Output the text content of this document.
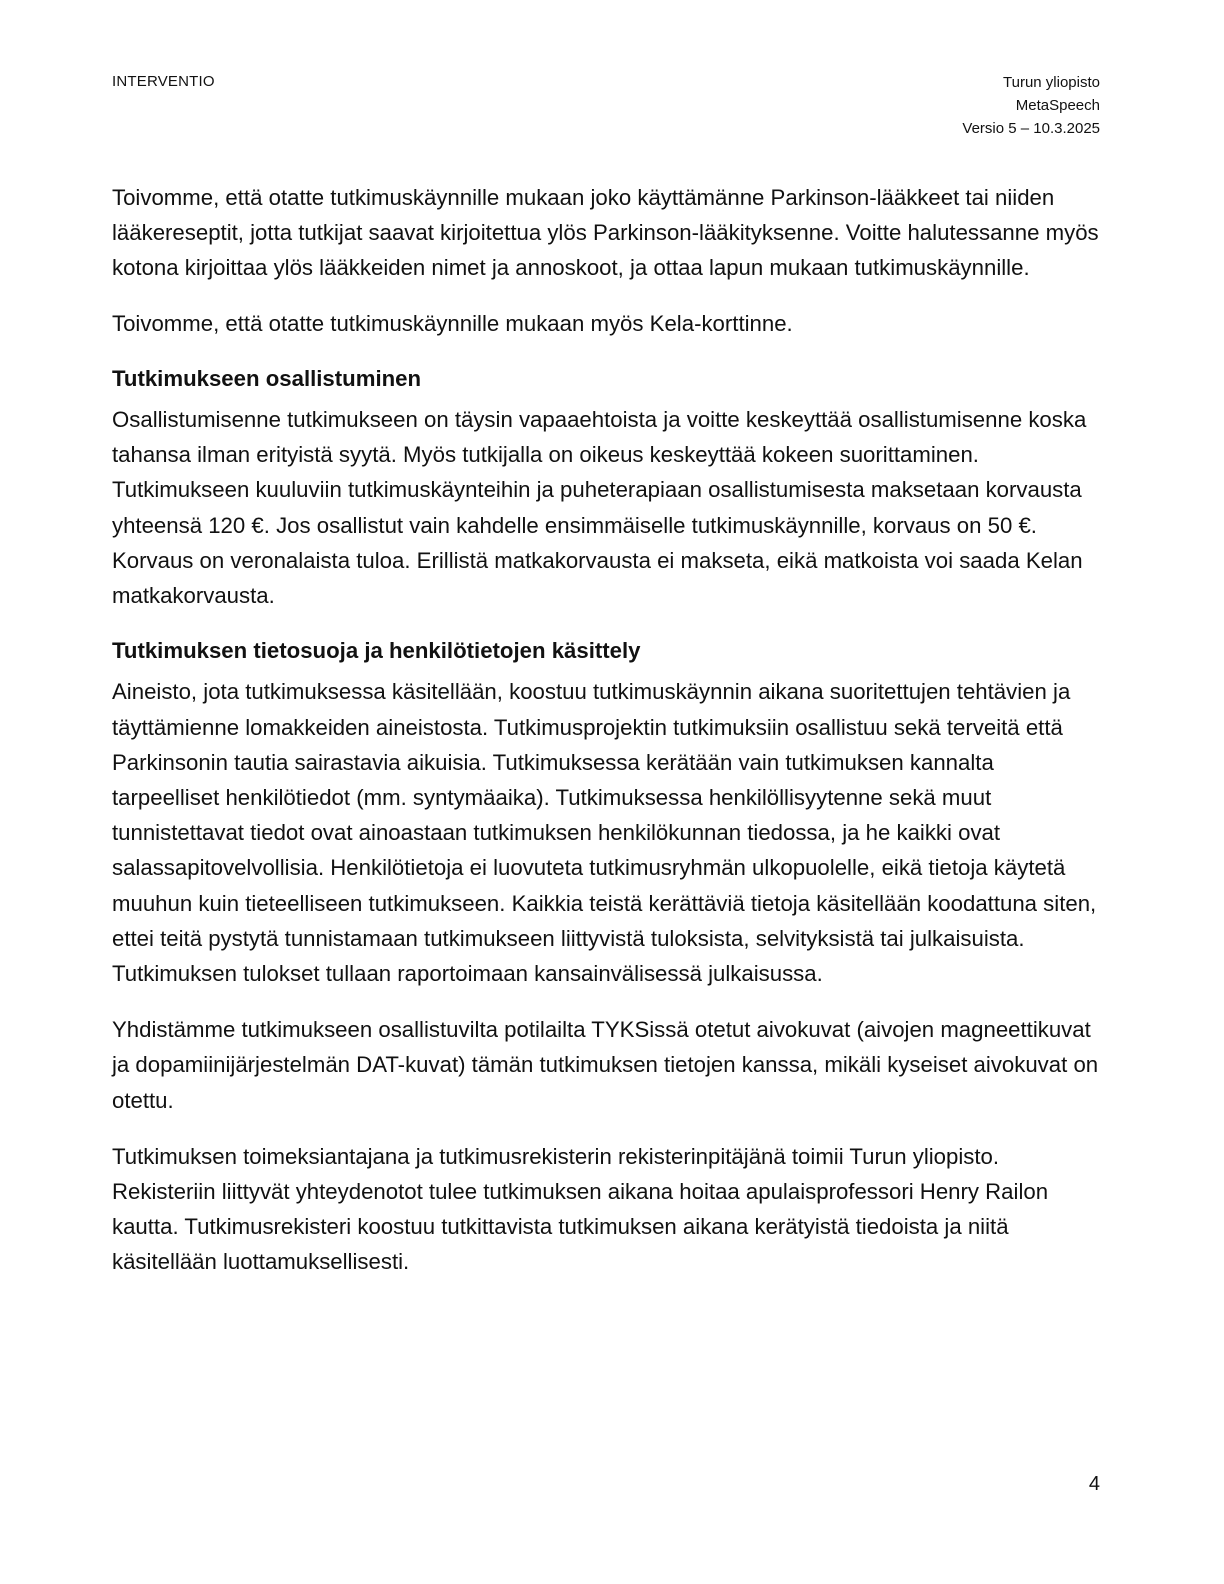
INTERVENTIO	Turun yliopisto
MetaSpeech
Versio 5 – 10.3.2025

Toivomme, että otatte tutkimuskäynnille mukaan joko käyttämänne Parkinson-lääkkeet tai niiden lääkereseptit, jotta tutkijat saavat kirjoitettua ylös Parkinson-lääkityksenne. Voitte halutessanne myös kotona kirjoittaa ylös lääkkeiden nimet ja annoskoot, ja ottaa lapun mukaan tutkimuskäynnille.

Toivomme, että otatte tutkimuskäynnille mukaan myös Kela-korttinne.

Tutkimukseen osallistuminen

Osallistumisenne tutkimukseen on täysin vapaaehtoista ja voitte keskeyttää osallistumisenne koska tahansa ilman erityistä syytä. Myös tutkijalla on oikeus keskeyttää kokeen suorittaminen. Tutkimukseen kuuluviin tutkimuskäynteihin ja puheterapiaan osallistumisesta maksetaan korvausta yhteensä 120 €. Jos osallistut vain kahdelle ensimmäiselle tutkimuskäynnille, korvaus on 50 €. Korvaus on veronalaista tuloa. Erillistä matkakorvausta ei makseta, eikä matkoista voi saada Kelan matkakorvausta.

Tutkimuksen tietosuoja ja henkilötietojen käsittely

Aineisto, jota tutkimuksessa käsitellään, koostuu tutkimuskäynnin aikana suoritettujen tehtävien ja täyttämienne lomakkeiden aineistosta. Tutkimusprojektin tutkimuksiin osallistuu sekä terveitä että Parkinsonin tautia sairastavia aikuisia. Tutkimuksessa kerätään vain tutkimuksen kannalta tarpeelliset henkilötiedot (mm. syntymäaika). Tutkimuksessa henkilöllisyytenne sekä muut tunnistettavat tiedot ovat ainoastaan tutkimuksen henkilökunnan tiedossa, ja he kaikki ovat salassapitovelvollisia. Henkilötietoja ei luovuteta tutkimusryhmän ulkopuolelle, eikä tietoja käytetä muuhun kuin tieteelliseen tutkimukseen. Kaikkia teistä kerättäviä tietoja käsitellään koodattuna siten, ettei teitä pystytä tunnistamaan tutkimukseen liittyvistä tuloksista, selvityksistä tai julkaisuista. Tutkimuksen tulokset tullaan raportoimaan kansainvälisessä julkaisussa.

Yhdistämme tutkimukseen osallistuvilta potilailta TYKSissä otetut aivokuvat (aivojen magneettikuvat ja dopamiinijärjestelmän DAT-kuvat) tämän tutkimuksen tietojen kanssa, mikäli kyseiset aivokuvat on otettu.

Tutkimuksen toimeksiantajana ja tutkimusrekisterin rekisterinpitäjänä toimii Turun yliopisto. Rekisteriin liittyvät yhteydenotot tulee tutkimuksen aikana hoitaa apulaisprofessori Henry Railon kautta. Tutkimusrekisteri koostuu tutkittavista tutkimuksen aikana kerätyistä tiedoista ja niitä käsitellään luottamuksellisesti.

4
